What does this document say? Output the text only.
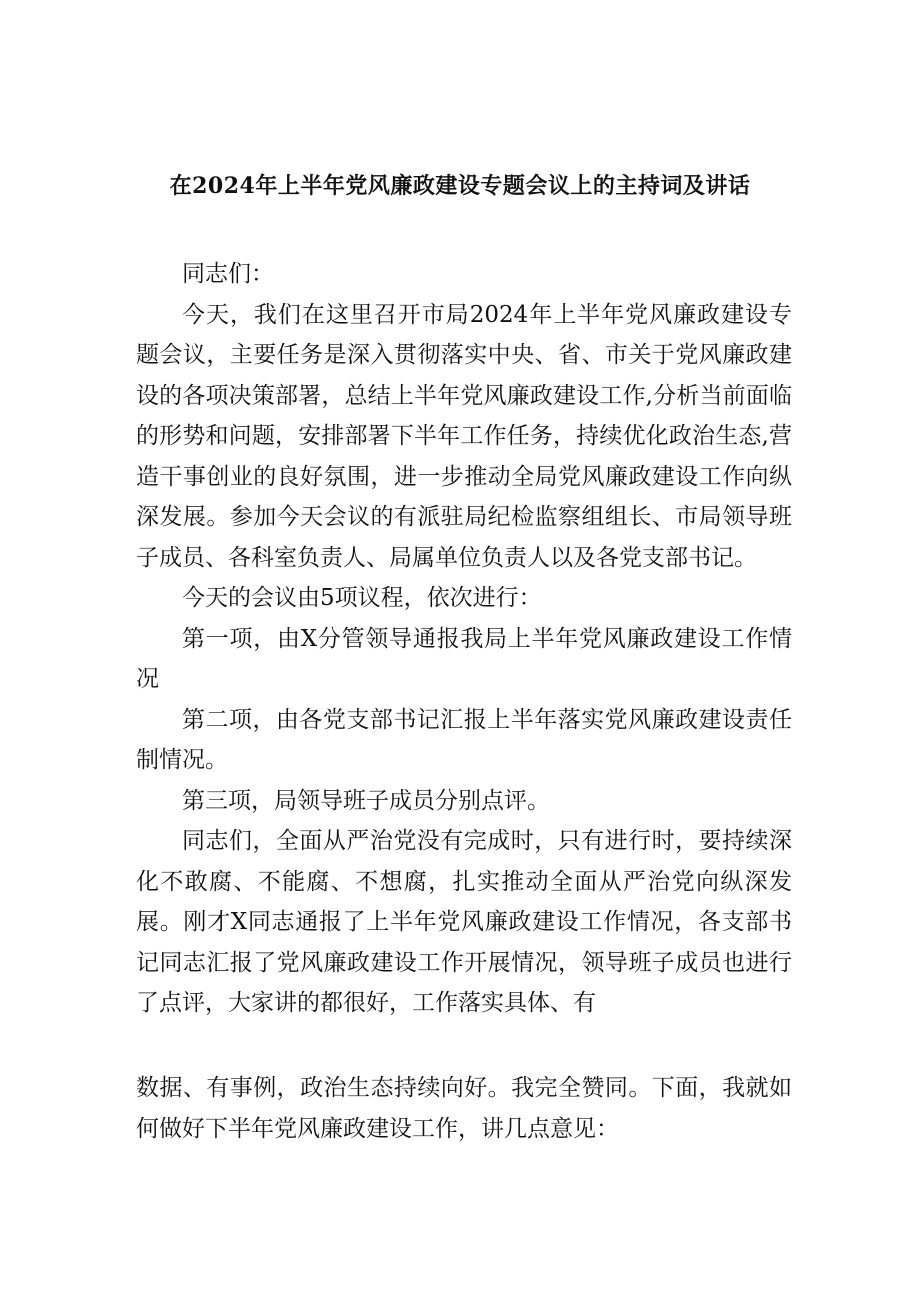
在2024年上半年党风廉政建设专题会议上的主持词及讲话

同志们：

今天，我们在这里召开市局2024年上半年党风廉政建设专题会议，主要任务是深入贯彻落实中央、省、市关于党风廉政建设的各项决策部署，总结上半年党风廉政建设工作,分析当前面临的形势和问题，安排部署下半年工作任务，持续优化政治生态,营造干事创业的良好氛围，进一步推动全局党风廉政建设工作向纵深发展。参加今天会议的有派驻局纪检监察组组长、市局领导班子成员、各科室负责人、局属单位负责人以及各党支部书记。

今天的会议由5项议程，依次进行：

第一项，由X分管领导通报我局上半年党风廉政建设工作情况

第二项，由各党支部书记汇报上半年落实党风廉政建设责任制情况。

第三项，局领导班子成员分别点评。

同志们，全面从严治党没有完成时，只有进行时，要持续深化不敢腐、不能腐、不想腐，扎实推动全面从严治党向纵深发展。刚才X同志通报了上半年党风廉政建设工作情况，各支部书记同志汇报了党风廉政建设工作开展情况，领导班子成员也进行了点评，大家讲的都很好，工作落实具体、有

数据、有事例，政治生态持续向好。我完全赞同。下面，我就如何做好下半年党风廉政建设工作，讲几点意见：
